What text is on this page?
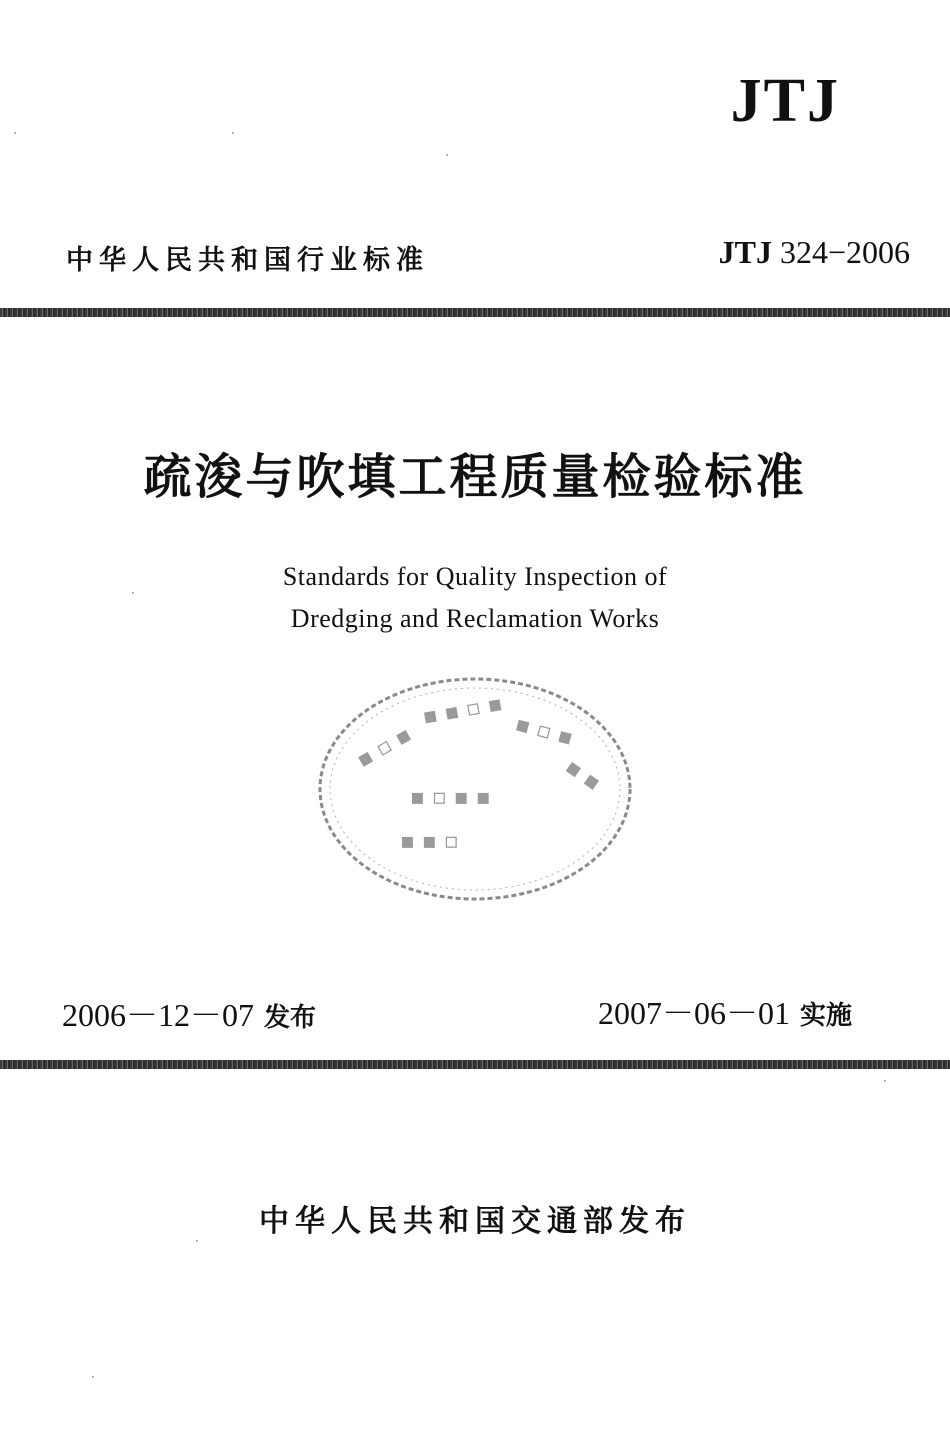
JTJ
中华人民共和国行业标准	JTJ 324−2006
疏浚与吹填工程质量检验标准
Standards for Quality Inspection of
Dredging and Reclamation Works
▪ ▫ ▪
▪ ▪ ▫ ▪
▪ ▫ ▪
▪ ▪
▪ ▫ ▪ ▪
▪ ▪ ▫
2006－12－07 发布	2007－06－01 实施
中华人民共和国交通部发布
